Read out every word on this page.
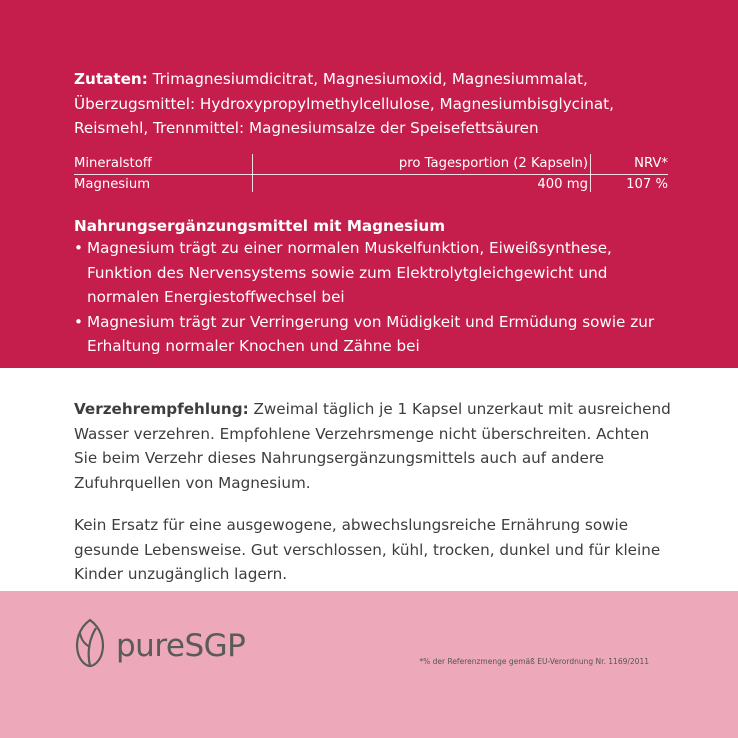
Zutaten: Trimagnesiumdicitrat, Magnesiumoxid, Magnesiummalat, Überzugsmittel: Hydroxypropylmethylcellulose, Magnesiumbisglycinat, Reismehl, Trennmittel: Magnesiumsalze der Speisefettsäuren
Mineralstoff	pro Tagesportion (2 Kapseln)	NRV*
Magnesium	400 mg	107 %
Nahrungsergänzungsmittel mit Magnesium
• Magnesium trägt zu einer normalen Muskelfunktion, Eiweißsynthese, Funktion des Nervensystems sowie zum Elektrolytgleichgewicht und normalen Energiestoffwechsel bei
• Magnesium trägt zur Verringerung von Müdigkeit und Ermüdung sowie zur Erhaltung normaler Knochen und Zähne bei
Verzehrempfehlung: Zweimal täglich je 1 Kapsel unzerkaut mit ausreichend Wasser verzehren. Empfohlene Verzehrsmenge nicht überschreiten. Achten Sie beim Verzehr dieses Nahrungsergänzungsmittels auch auf andere Zufuhrquellen von Magnesium.
Kein Ersatz für eine ausgewogene, abwechslungsreiche Ernährung sowie gesunde Lebensweise. Gut verschlossen, kühl, trocken, dunkel und für kleine Kinder unzugänglich lagern.
pureSGP	*% der Referenzmenge gemäß EU-Verordnung Nr. 1169/2011
